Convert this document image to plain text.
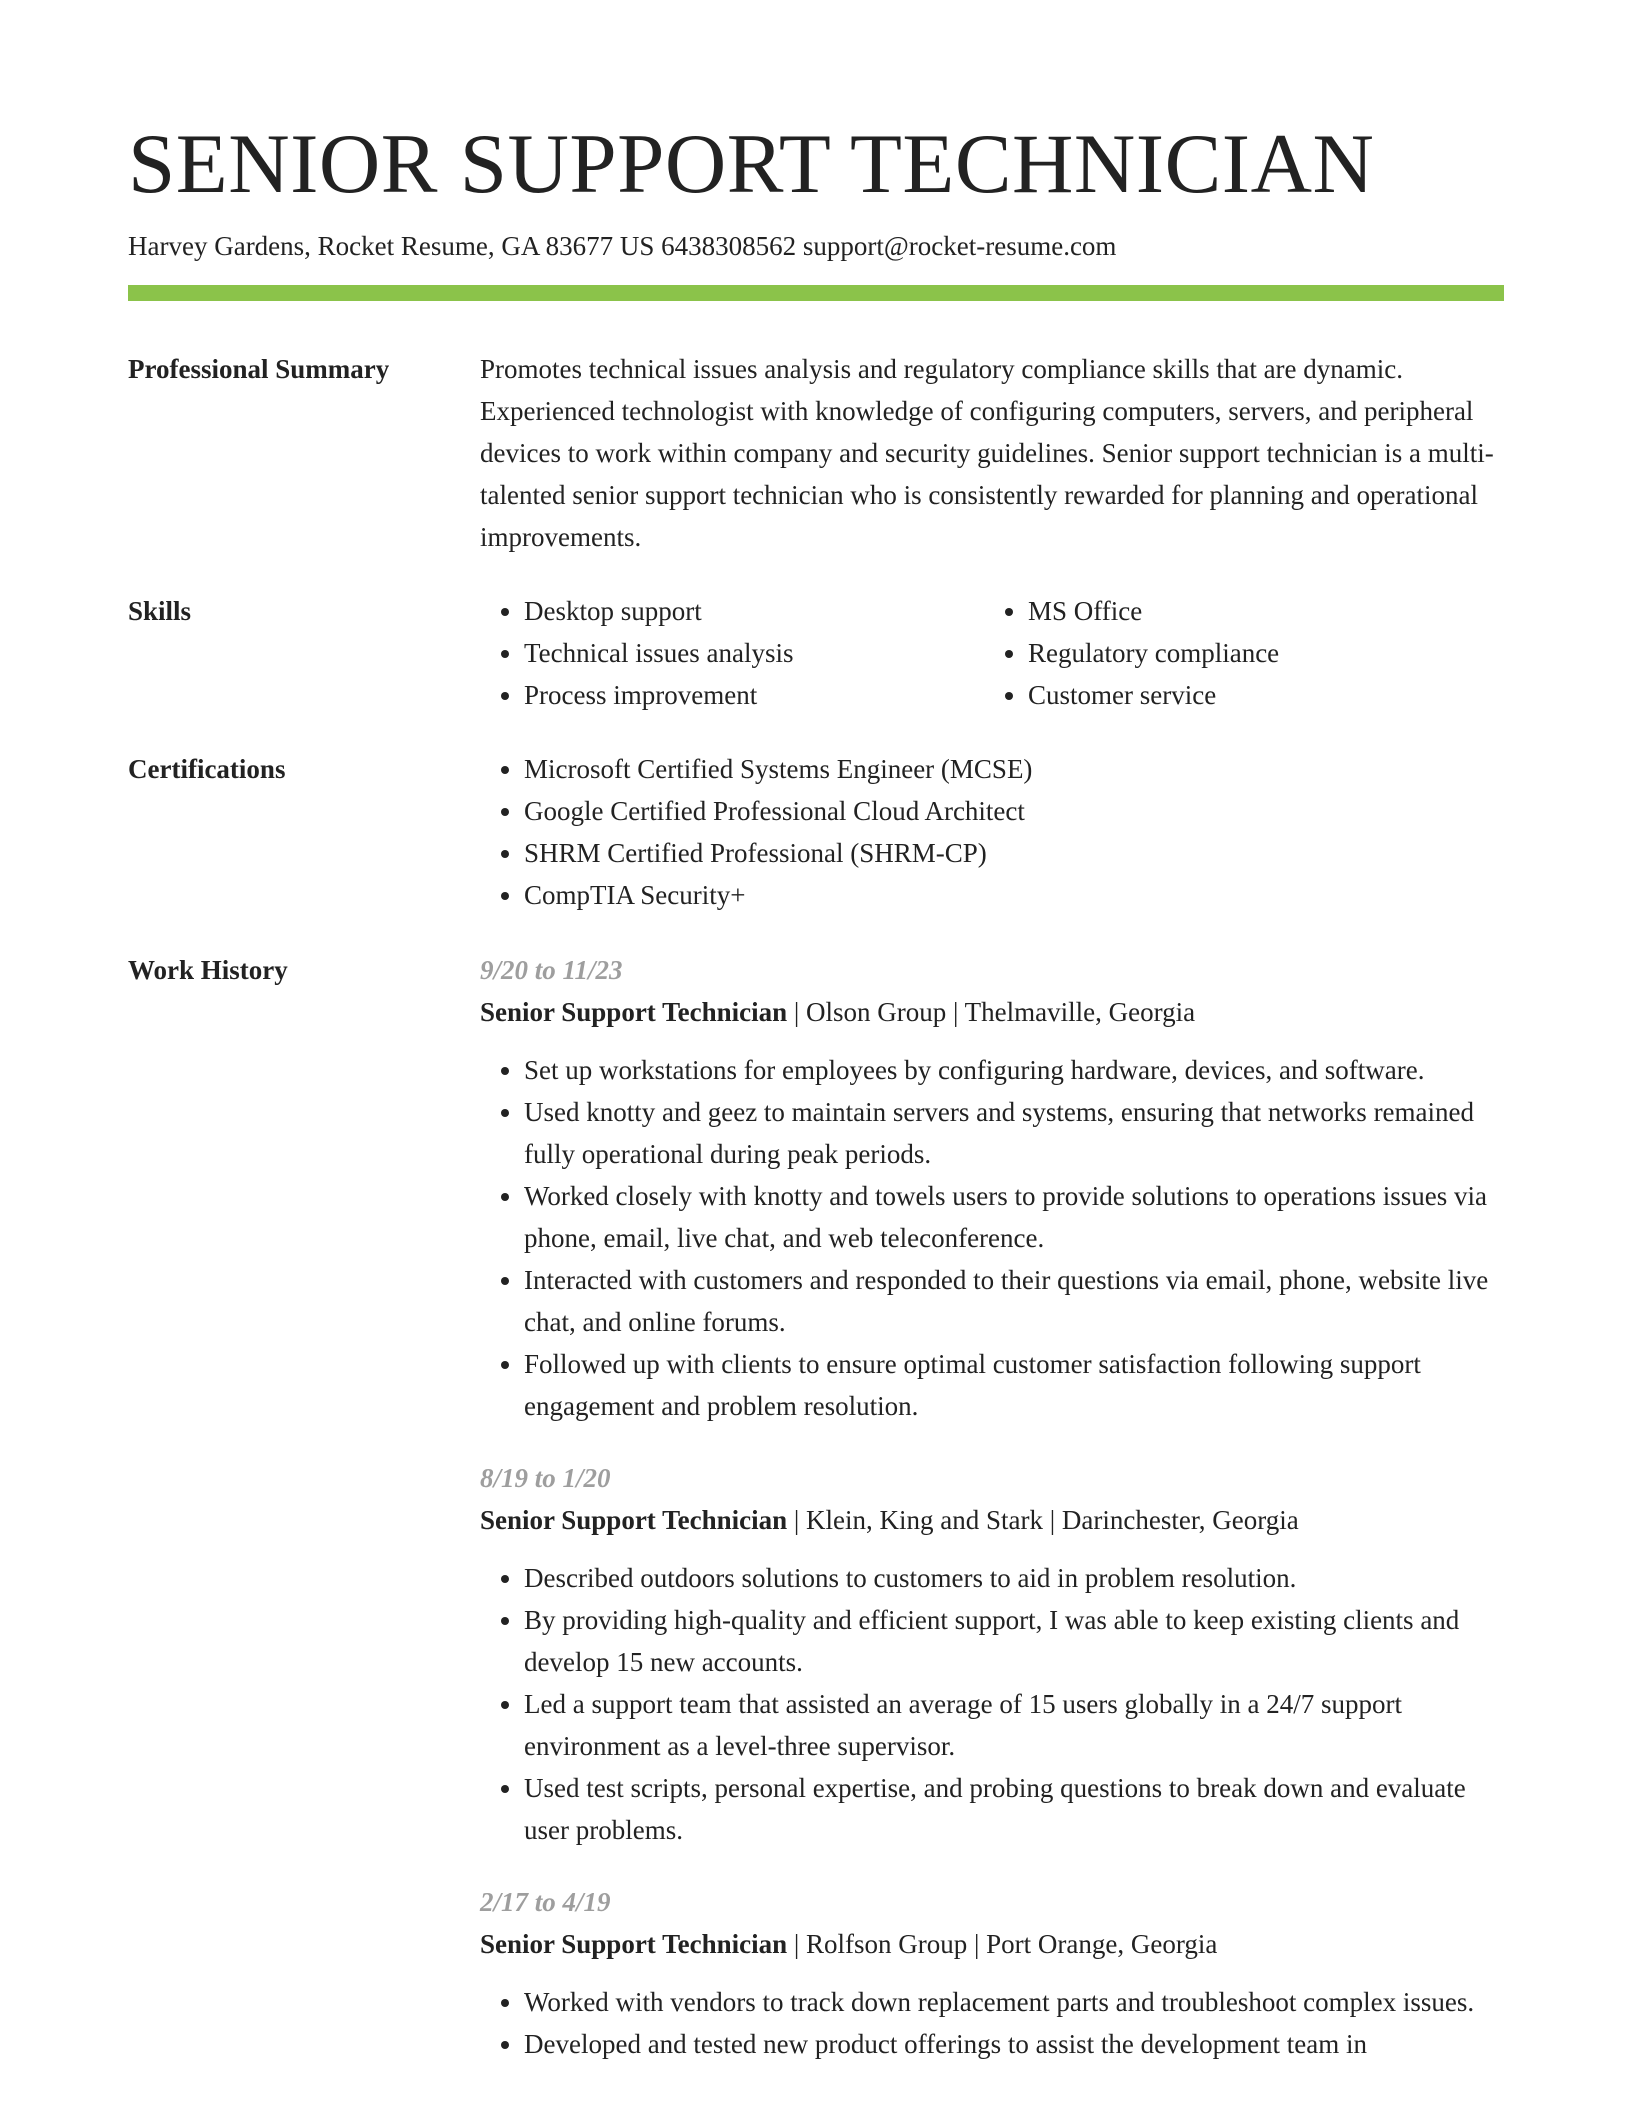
SENIOR SUPPORT TECHNICIAN

Harvey Gardens, Rocket Resume, GA 83677 US 6438308562 support@rocket-resume.com

Professional Summary	Promotes technical issues analysis and regulatory compliance skills that are dynamic. Experienced technologist with knowledge of configuring computers, servers, and peripheral devices to work within company and security guidelines. Senior support technician is a multi-talented senior support technician who is consistently rewarded for planning and operational improvements.

Skills	• Desktop support
• Technical issues analysis
• Process improvement
• MS Office
• Regulatory compliance
• Customer service
Certifications	• Microsoft Certified Systems Engineer (MCSE)
• Google Certified Professional Cloud Architect
• SHRM Certified Professional (SHRM-CP)
• CompTIA Security+
Work History	9/20 to 11/23

Senior Support Technician | Olson Group | Thelmaville, Georgia

• Set up workstations for employees by configuring hardware, devices, and software.
• Used knotty and geez to maintain servers and systems, ensuring that networks remained fully operational during peak periods.
• Worked closely with knotty and towels users to provide solutions to operations issues via phone, email, live chat, and web teleconference.
• Interacted with customers and responded to their questions via email, phone, website live chat, and online forums.
• Followed up with clients to ensure optimal customer satisfaction following support engagement and problem resolution.

8/19 to 1/20

Senior Support Technician | Klein, King and Stark | Darinchester, Georgia

• Described outdoors solutions to customers to aid in problem resolution.
• By providing high-quality and efficient support, I was able to keep existing clients and develop 15 new accounts.
• Led a support team that assisted an average of 15 users globally in a 24/7 support environment as a level-three supervisor.
• Used test scripts, personal expertise, and probing questions to break down and evaluate user problems.

2/17 to 4/19

Senior Support Technician | Rolfson Group | Port Orange, Georgia

• Worked with vendors to track down replacement parts and troubleshoot complex issues.
• Developed and tested new product offerings to assist the development team in
